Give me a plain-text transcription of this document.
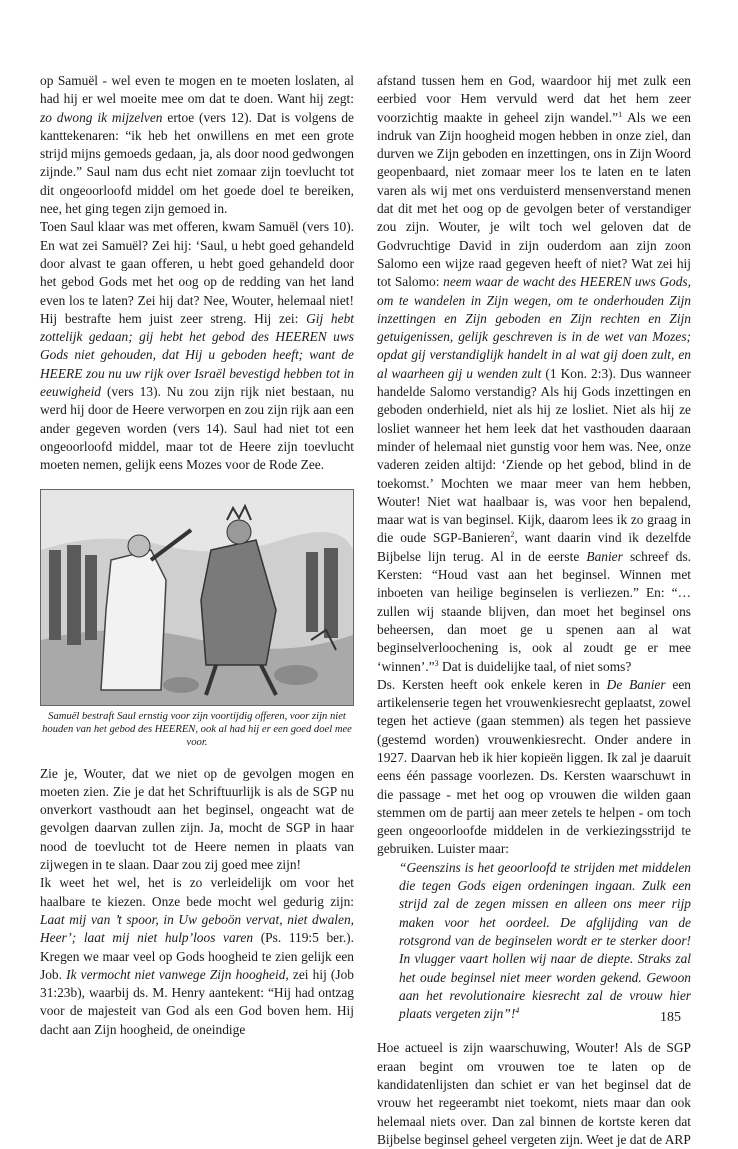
op Samuël - wel even te mogen en te moeten loslaten, al had hij er wel moeite mee om dat te doen. Want hij zegt: zo dwong ik mijzelven ertoe (vers 12). Dat is volgens de kanttekenaren: “ik heb het onwillens en met een grote strijd mijns gemoeds gedaan, ja, als door nood gedwongen zijnde.” Saul nam dus echt niet zomaar zijn toevlucht tot dit ongeoorloofd middel om het goede doel te bereiken, nee, het ging tegen zijn gemoed in.

Toen Saul klaar was met offeren, kwam Samuël (vers 10). En wat zei Samuël? Zei hij: ‘Saul, u hebt goed gehandeld door alvast te gaan offeren, u hebt goed gehandeld door het gebod Gods met het oog op de redding van het land even los te laten? Zei hij dat? Nee, Wouter, helemaal niet! Hij bestrafte hem juist zeer streng. Hij zei: Gij hebt zottelijk gedaan; gij hebt het gebod des HEEREN uws Gods niet gehouden, dat Hij u geboden heeft; want de HEERE zou nu uw rijk over Israël bevestigd hebben tot in eeuwigheid (vers 13). Nu zou zijn rijk niet bestaan, nu werd hij door de Heere verworpen en zou zijn rijk aan een ander gegeven worden (vers 14). Saul had niet tot een ongeoorloofd middel, maar tot de Heere zijn toevlucht moeten nemen, gelijk eens Mozes voor de Rode Zee.

Samuël bestraft Saul ernstig voor zijn voortijdig offeren, voor zijn niet houden van het gebod des HEEREN, ook al had hij er een goed doel mee voor.

Zie je, Wouter, dat we niet op de gevolgen mogen en moeten zien. Zie je dat het Schriftuurlijk is als de SGP nu onverkort vasthoudt aan het beginsel, ongeacht wat de gevolgen daarvan zullen zijn. Ja, mocht de SGP in haar nood de toevlucht tot de Heere nemen in plaats van zijwegen in te slaan. Daar zou zij goed mee zijn!

Ik weet het wel, het is zo verleidelijk om voor het haalbare te kiezen. Onze bede mocht wel gedurig zijn: Laat mij van ’t spoor, in Uw geboön vervat, niet dwalen, Heer’; laat mij niet hulp’loos varen (Ps. 119:5 ber.). Kregen we maar veel op Gods hoogheid te zien gelijk een Job. Ik vermocht niet vanwege Zijn hoogheid, zei hij (Job 31:23b), waarbij ds. M. Henry aantekent: “Hij had ontzag voor de majesteit van God als een God boven hem. Hij dacht aan Zijn hoogheid, de oneindige

afstand tussen hem en God, waardoor hij met zulk een eerbied voor Hem vervuld werd dat het hem zeer voorzichtig maakte in geheel zijn wandel.”$^1$ Als we een indruk van Zijn hoogheid mogen hebben in onze ziel, dan durven we Zijn geboden en inzettingen, ons in Zijn Woord geopenbaard, niet zomaar meer los te laten en te laten varen als wij met ons verduisterd mensenverstand menen dat dit met het oog op de gevolgen beter of verstandiger zou zijn. Wouter, je wilt toch wel geloven dat de Godvruchtige David in zijn ouderdom aan zijn zoon Salomo een wijze raad gegeven heeft of niet? Wat zei hij tot Salomo: neem waar de wacht des HEEREN uws Gods, om te wandelen in Zijn wegen, om te onderhouden Zijn inzettingen en Zijn geboden en Zijn rechten en Zijn getuigenissen, gelijk geschreven is in de wet van Mozes; opdat gij verstandiglijk handelt in al wat gij doen zult, en al waarheen gij u wenden zult (1 Kon. 2:3). Dus wanneer handelde Salomo verstandig? Als hij Gods inzettingen en geboden onderhield, niet als hij ze losliet. Niet als hij ze losliet wanneer het hem leek dat het vasthouden daaraan minder of helemaal niet gunstig voor hem was. Nee, onze vaderen zeiden altijd: ‘Ziende op het gebod, blind in de toekomst.’ Mochten we maar meer van hem hebben, Wouter! Niet wat haalbaar is, was voor hen bepalend, maar wat is van beginsel. Kijk, daarom lees ik zo graag in die oude SGP-Banieren$^2$, want daarin vind ik dezelfde Bijbelse lijn terug. Al in de eerste Banier schreef ds. Kersten: “Houd vast aan het beginsel. Winnen met inboeten van heilige beginselen is verliezen.” En: “…zullen wij staande blijven, dan moet het beginsel ons beheersen, dan moet ge u spenen aan al wat beginselverloochening is, ook al zoudt ge er mee ‘winnen’.”$^3$ Dat is duidelijke taal, of niet soms?

Ds. Kersten heeft ook enkele keren in De Banier een artikelenserie tegen het vrouwenkiesrecht geplaatst, zowel tegen het actieve (gaan stemmen) als tegen het passieve (gestemd worden) vrouwenkiesrecht. Onder andere in 1927. Daarvan heb ik hier kopieën liggen. Ik zal je daaruit eens één passage voorlezen. Ds. Kersten waarschuwt in die passage - met het oog op vrouwen die wilden gaan stemmen om de partij aan meer zetels te helpen - om toch geen ongeoorloofde middelen in de verkiezingsstrijd te gebruiken. Luister maar:

“Geenszins is het geoorloofd te strijden met middelen die tegen Gods eigen ordeningen ingaan. Zulk een strijd zal de zegen missen en alleen ons meer rijp maken voor het oordeel. De afglijding van de rotsgrond van de beginselen wordt er te sterker door! In vlugger vaart hollen wij naar de diepte. Straks zal het oude beginsel niet meer worden gekend. Gewoon aan het revolutionaire kiesrecht zal de vrouw hier plaats vergeten zijn”!$^4$

Hoe actueel is zijn waarschuwing, Wouter! Als de SGP eraan begint om vrouwen toe te laten op de kandidatenlijsten dan schiet er van het beginsel dat de vrouw het regeerambt niet toekomt, niets maar dan ook helemaal niets over. Dan zal binnen de kortste keren dat Bijbelse beginsel geheel vergeten zijn. Weet je dat de ARP

185
